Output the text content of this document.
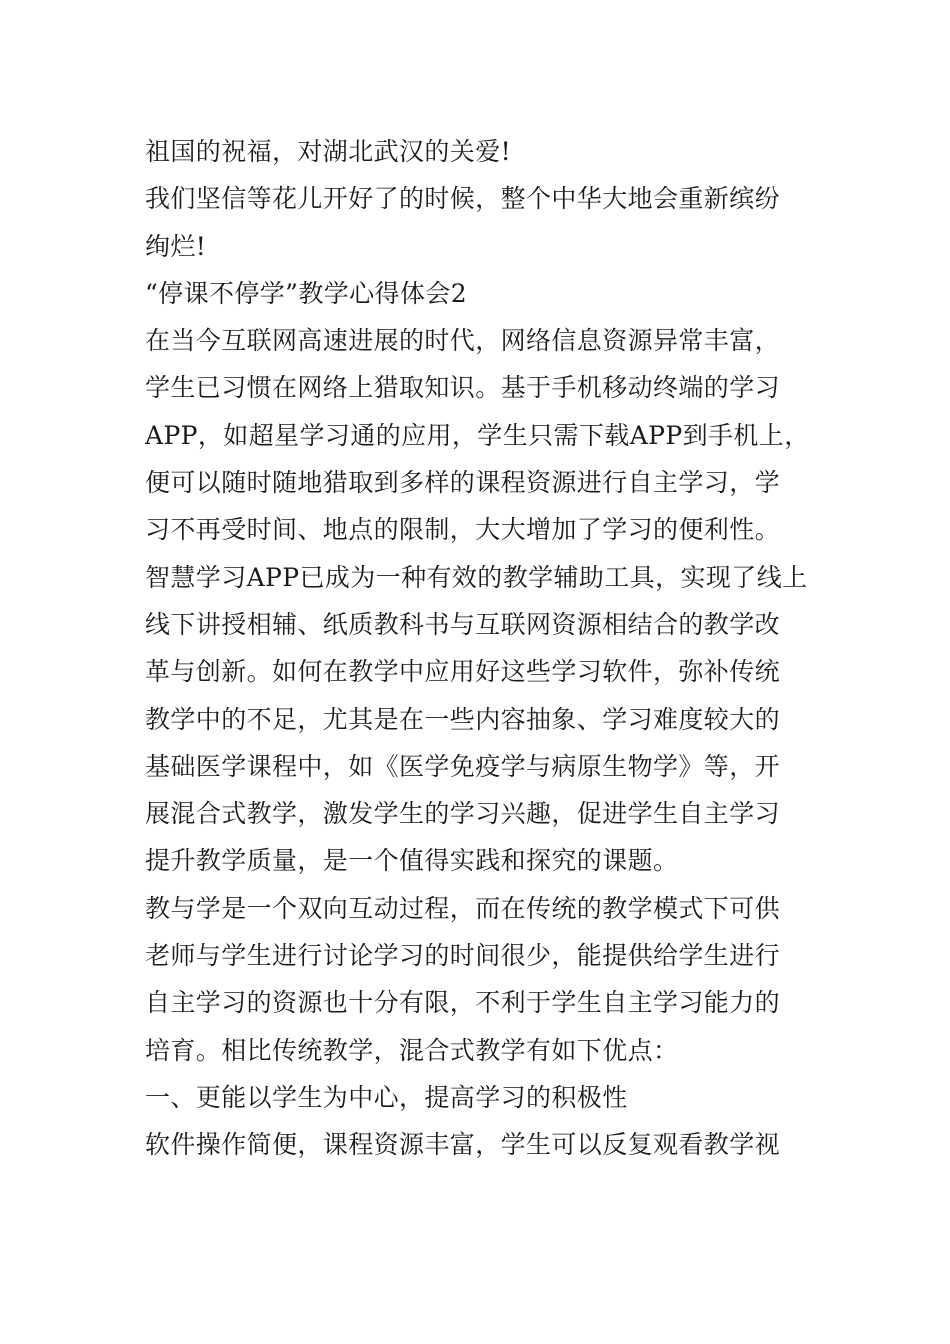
祖国的祝福，对湖北武汉的关爱!
我们坚信等花儿开好了的时候，整个中华大地会重新缤纷
绚烂!
“停课不停学”教学心得体会2
在当今互联网高速进展的时代，网络信息资源异常丰富，
学生已习惯在网络上猎取知识。基于手机移动终端的学习
APP，如超星学习通的应用，学生只需下载APP到手机上，
便可以随时随地猎取到多样的课程资源进行自主学习，学
习不再受时间、地点的限制，大大增加了学习的便利性。
智慧学习APP已成为一种有效的教学辅助工具，实现了线上
线下讲授相辅、纸质教科书与互联网资源相结合的教学改
革与创新。如何在教学中应用好这些学习软件，弥补传统
教学中的不足，尤其是在一些内容抽象、学习难度较大的
基础医学课程中，如《医学免疫学与病原生物学》等，开
展混合式教学，激发学生的学习兴趣，促进学生自主学习
提升教学质量，是一个值得实践和探究的课题。
教与学是一个双向互动过程，而在传统的教学模式下可供
老师与学生进行讨论学习的时间很少，能提供给学生进行
自主学习的资源也十分有限，不利于学生自主学习能力的
培育。相比传统教学，混合式教学有如下优点：
一、更能以学生为中心，提高学习的积极性
软件操作简便，课程资源丰富，学生可以反复观看教学视
